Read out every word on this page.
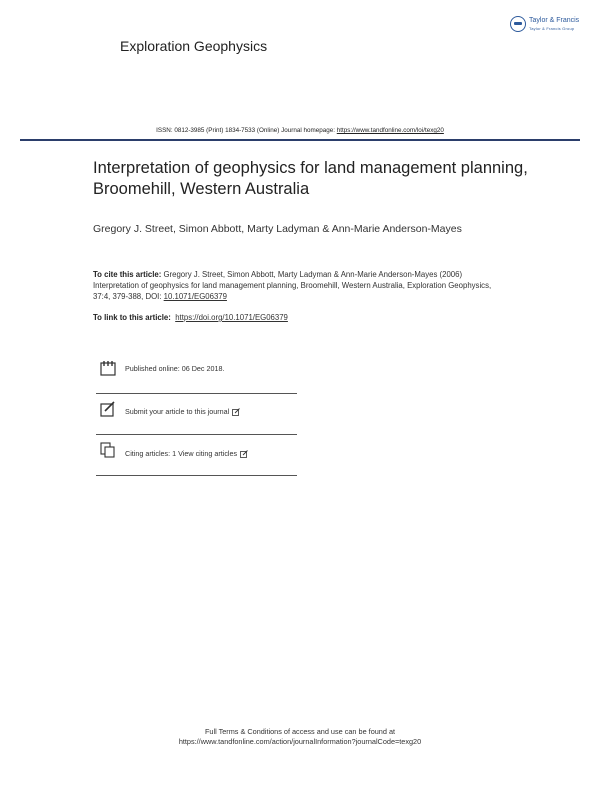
Exploration Geophysics
Taylor & Francis
Taylor & Francis Group
ISSN: 0812-3985 (Print) 1834-7533 (Online) Journal homepage: https://www.tandfonline.com/loi/texg20
Interpretation of geophysics for land management planning, Broomehill, Western Australia
Gregory J. Street, Simon Abbott, Marty Ladyman & Ann-Marie Anderson-Mayes
To cite this article: Gregory J. Street, Simon Abbott, Marty Ladyman & Ann-Marie Anderson-Mayes (2006) Interpretation of geophysics for land management planning, Broomehill, Western Australia, Exploration Geophysics, 37:4, 379-388, DOI: 10.1071/EG06379
To link to this article: https://doi.org/10.1071/EG06379
Published online: 06 Dec 2018.
Submit your article to this journal
Citing articles: 1 View citing articles
Full Terms & Conditions of access and use can be found at
https://www.tandfonline.com/action/journalInformation?journalCode=texg20
